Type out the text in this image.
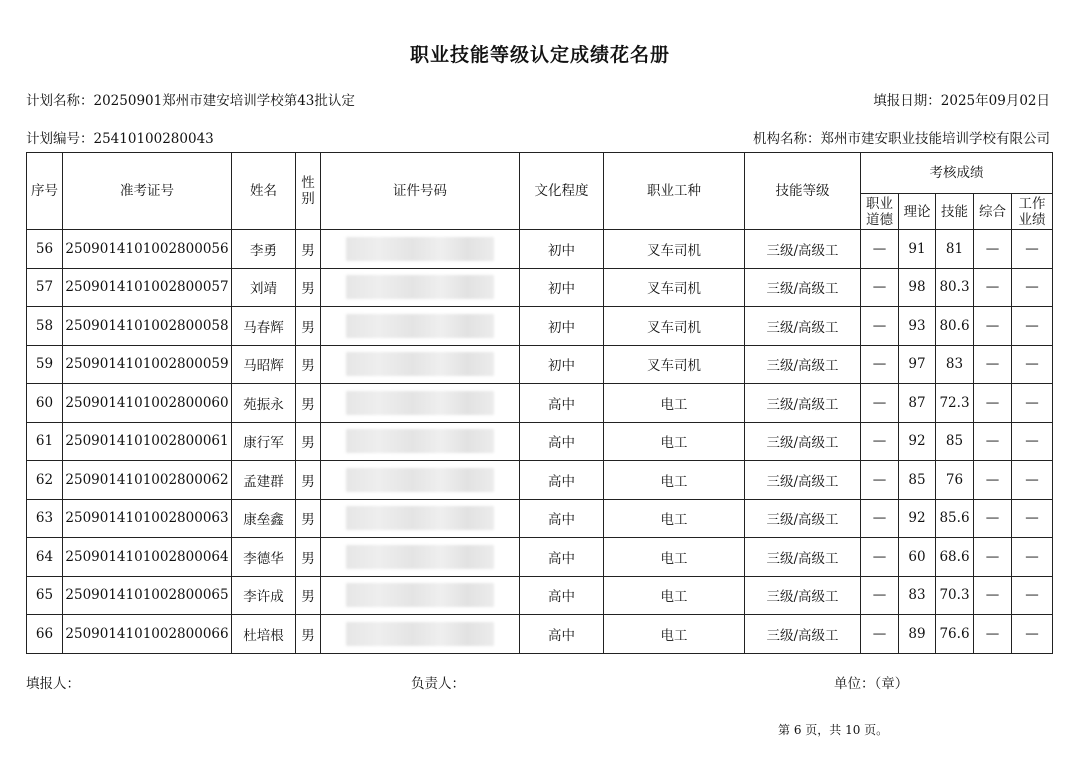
职业技能等级认定成绩花名册
计划名称：20250901郑州市建安培训学校第43批认定	填报日期：2025年09月02日
计划编号：25410100280043	机构名称：郑州市建安职业技能培训学校有限公司
序号	准考证号	姓名	性别	证件号码	文化程度	职业工种	技能等级	考核成绩				
								职业道德	理论	技能	综合	工作业绩
56	2509014101002800056	李勇	男		初中	叉车司机	三级/高级工	—	91	81	—	—
57	2509014101002800057	刘靖	男		初中	叉车司机	三级/高级工	—	98	80.3	—	—
58	2509014101002800058	马春辉	男		初中	叉车司机	三级/高级工	—	93	80.6	—	—
59	2509014101002800059	马昭辉	男		初中	叉车司机	三级/高级工	—	97	83	—	—
60	2509014101002800060	苑振永	男		高中	电工	三级/高级工	—	87	72.3	—	—
61	2509014101002800061	康行军	男		高中	电工	三级/高级工	—	92	85	—	—
62	2509014101002800062	孟建群	男		高中	电工	三级/高级工	—	85	76	—	—
63	2509014101002800063	康垒鑫	男		高中	电工	三级/高级工	—	92	85.6	—	—
64	2509014101002800064	李德华	男		高中	电工	三级/高级工	—	60	68.6	—	—
65	2509014101002800065	李许成	男		高中	电工	三级/高级工	—	83	70.3	—	—
66	2509014101002800066	杜培根	男		高中	电工	三级/高级工	—	89	76.6	—	—
填报人：	负责人：	单位：（章）
第 6 页，共 10 页。
